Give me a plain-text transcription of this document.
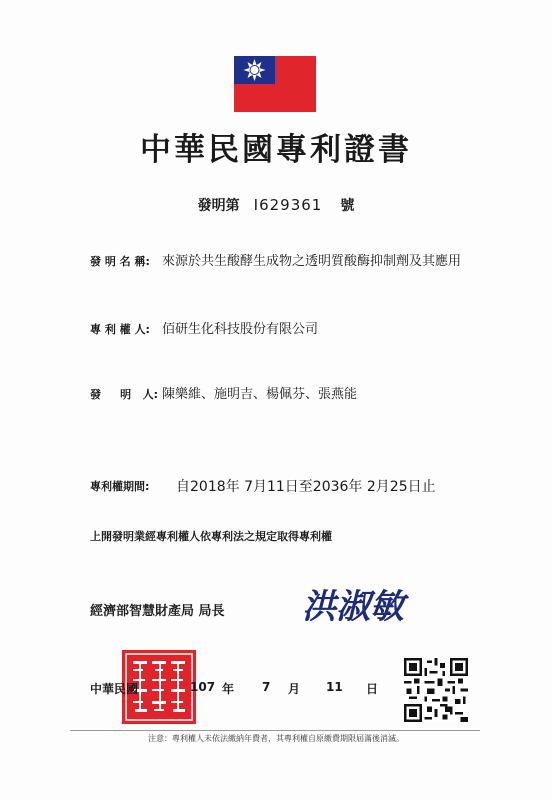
中華民國專利證書
發明第 I629361 號
發 明 名 稱: 來源於共生酸酵生成物之透明質酸酶抑制劑及其應用
專 利 權 人: 佰研生化科技股份有限公司
發     明   人: 陳樂維、施明吉、楊佩芬、張燕能
專利權期間:	自2018年 7月11日至2036年 2月25日止
上開發明業經專利權人依專利法之規定取得專利權
經濟部智慧財產局 局長 洪淑敏
中華民國	107 年 7 月 11 日
注意：專利權人未依法繳納年費者，其專利權自原繳費期限屆滿後消滅。
